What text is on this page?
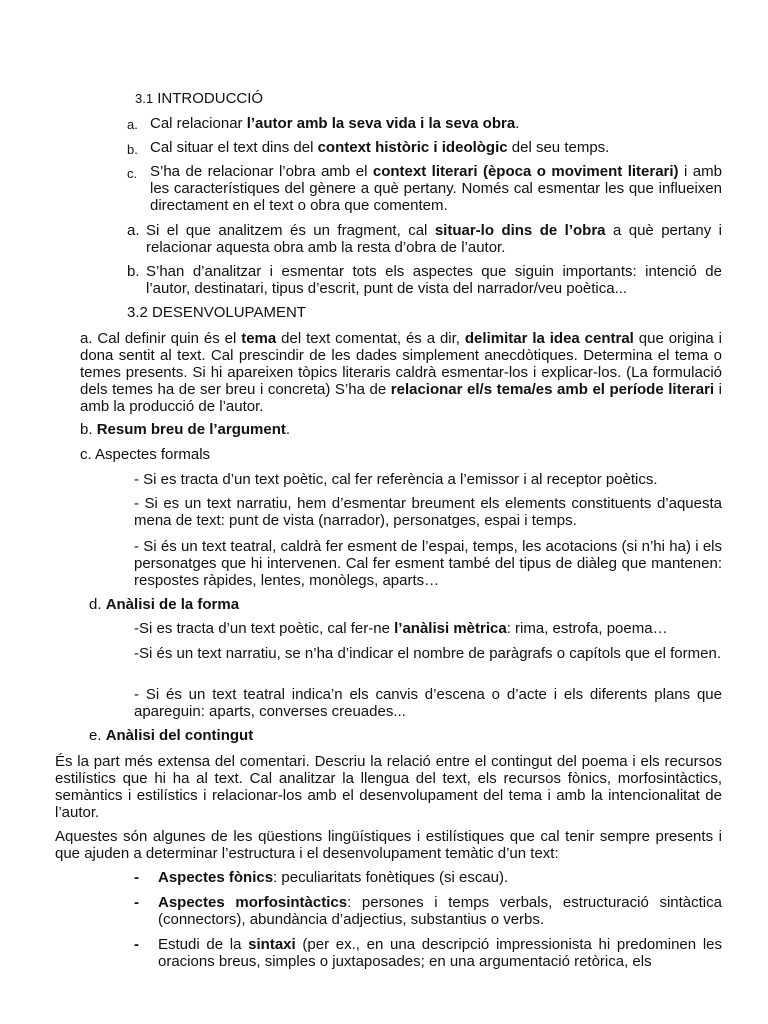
3.1 INTRODUCCIÓ

a. Cal relacionar l’autor amb la seva vida i la seva obra.

b. Cal situar el text dins del context històric i ideològic del seu temps.

c. S’ha de relacionar l’obra amb el context literari (època o moviment literari) i amb les característiques del gènere a què pertany. Només cal esmentar les que influeixen directament en el text o obra que comentem.

a. Si el que analitzem és un fragment, cal situar-lo dins de l’obra a què pertany i relacionar aquesta obra amb la resta d’obra de l’autor.

b. S’han d’analitzar i esmentar tots els aspectes que siguin importants: intenció de l’autor, destinatari, tipus d’escrit, punt de vista del narrador/veu poètica...

3.2 DESENVOLUPAMENT

a. Cal definir quin és el tema del text comentat, és a dir, delimitar la idea central que origina i dona sentit al text. Cal prescindir de les dades simplement anecdòtiques. Determina el tema o temes presents. Si hi apareixen tòpics literaris caldrà esmentar-los i explicar-los. (La formulació dels temes ha de ser breu i concreta) S’ha de relacionar el/s tema/es amb el període literari i amb la producció de l’autor.

b. Resum breu de l’argument.

c. Aspectes formals

- Si es tracta d’un text poètic, cal fer referència a l’emissor i al receptor poètics.

- Si es un text narratiu, hem d’esmentar breument els elements constituents d’aquesta mena de text: punt de vista (narrador), personatges, espai i temps.

- Si és un text teatral, caldrà fer esment de l’espai, temps, les acotacions (si n’hi ha) i els personatges que hi intervenen. Cal fer esment també del tipus de diàleg que mantenen: respostes ràpides, lentes, monòlegs, aparts…

d. Anàlisi de la forma

-Si es tracta d’un text poètic, cal fer-ne l’anàlisi mètrica: rima, estrofa, poema…

-Si és un text narratiu, se n’ha d’indicar el nombre de paràgrafs o capítols que el formen.

- Si és un text teatral indica’n els canvis d’escena o d’acte i els diferents plans que apareguin: aparts, converses creuades...

e. Anàlisi del contingut

És la part més extensa del comentari. Descriu la relació entre el contingut del poema i els recursos estilístics que hi ha al text. Cal analitzar la llengua del text, els recursos fònics, morfosintàctics, semàntics i estilístics i relacionar-los amb el desenvolupament del tema i amb la intencionalitat de l’autor.

Aquestes són algunes de les qüestions lingüístiques i estilístiques que cal tenir sempre presents i que ajuden a determinar l’estructura i el desenvolupament temàtic d’un text:

- Aspectes fònics: peculiaritats fonètiques (si escau).

- Aspectes morfosintàctics: persones i temps verbals, estructuració sintàctica (connectors), abundància d’adjectius, substantius o verbs.

- Estudi de la sintaxi (per ex., en una descripció impressionista hi predominen les oracions breus, simples o juxtaposades; en una argumentació retòrica, els
